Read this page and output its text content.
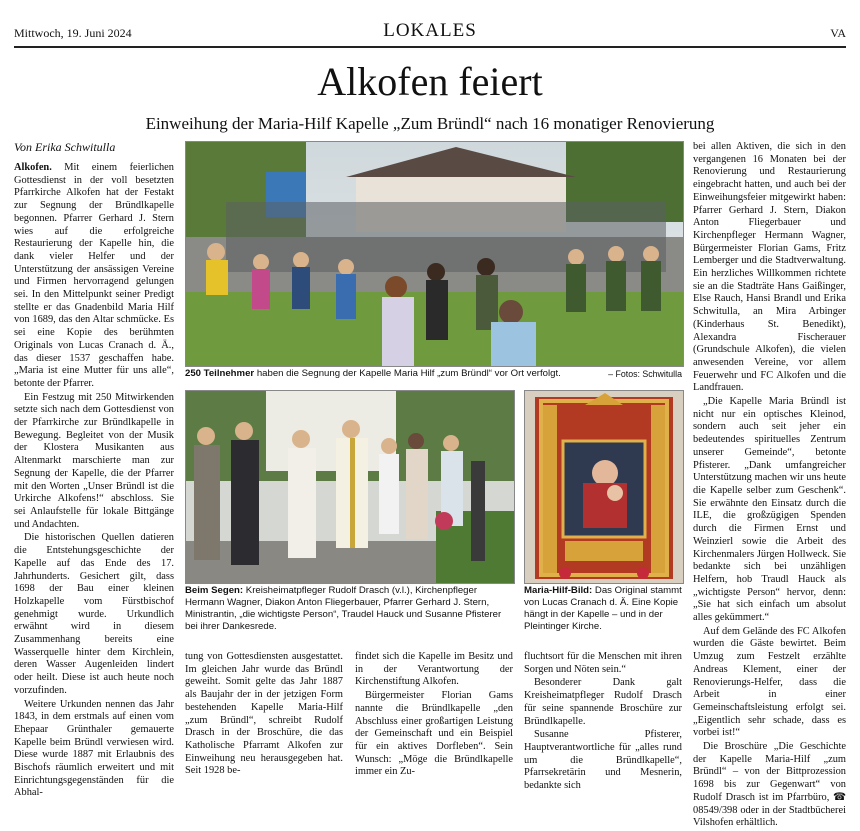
Mittwoch, 19. Juni 2024	LOKALES	VA
Alkofen feiert
Einweihung der Maria-Hilf Kapelle „Zum Bründl“ nach 16 monatiger Renovierung
Von Erika Schwitulla

Alkofen. Mit einem feierlichen Gottesdienst in der voll besetzten Pfarrkirche Alkofen hat der Festakt zur Segnung der Bründlkapelle begonnen. Pfarrer Gerhard J. Stern wies auf die erfolgreiche Restaurierung der Kapelle hin, die dank vieler Helfer und der Unterstützung der ansässigen Vereine und Firmen hervorragend gelungen sei. In den Mittelpunkt seiner Predigt stellte er das Gnadenbild Maria Hilf von 1689, das den Altar schmücke. Es sei eine Kopie des berühmten Originals von Lucas Cranach d. Ä., das dieser 1537 geschaffen habe. „Maria ist eine Mutter für uns alle“, betonte der Pfarrer.

Ein Festzug mit 250 Mitwirkenden setzte sich nach dem Gottesdienst von der Pfarrkirche zur Bründlkapelle in Bewegung. Begleitet von der Musik der Klostera Musikanten aus Altenmarkt marschierte man zur Segnung der Kapelle, die der Pfarrer mit den Worten „Unser Bründl ist die Urkirche Alkofens!“ abschloss. Sie sei Anlaufstelle für lokale Bittgänge und Andachten.

Die historischen Quellen datieren die Entstehungsgeschichte der Kapelle auf das Ende des 17. Jahrhunderts. Gesichert gilt, dass 1698 der Bau einer kleinen Holzkapelle vom Fürstbischof genehmigt wurde. Urkundlich erwähnt wird in diesem Zusammenhang bereits eine Wasserquelle hinter dem Kirchlein, deren Wasser Augenleiden lindert oder heilt. Diese ist auch heute noch vorzufinden.

Weitere Urkunden nennen das Jahr 1843, in dem erstmals auf einen vom Ehepaar Grünthaler gemauerte Kapelle beim Bründl verwiesen wird. Diese wurde 1887 mit Erlaubnis des Bischofs räumlich erweitert und mit Einrichtungsgegenständen für die Abhal-

250 Teilnehmer haben die Segnung der Kapelle Maria Hilf „zum Bründl“ vor Ort verfolgt.	– Fotos: Schwitulla
Beim Segen: Kreisheimatpfleger Rudolf Drasch (v.l.), Kirchenpfleger Hermann Wagner, Diakon Anton Fliegerbauer, Pfarrer Gerhard J. Stern, Ministrantin, „die wichtigste Person“, Traudel Hauck und Susanne Pfisterer bei ihrer Dankesrede.
Maria-Hilf-Bild: Das Original stammt von Lucas Cranach d. Ä. Eine Kopie hängt in der Kapelle – und in der Pleintinger Kirche.

tung von Gottesdiensten ausgestattet. Im gleichen Jahr wurde das Bründl geweiht. Somit gelte das Jahr 1887 als Baujahr der in der jetzigen Form bestehenden Kapelle Maria-Hilf „zum Bründl“, schreibt Rudolf Drasch in der Broschüre, die das Katholische Pfarramt Alkofen zur Einweihung neu herausgegeben hat. Seit 1928 be-

findet sich die Kapelle im Besitz und in der Verantwortung der Kirchenstiftung Alkofen.

Bürgermeister Florian Gams nannte die Bründlkapelle „den Abschluss einer großartigen Leistung der Gemeinschaft und ein Beispiel für ein aktives Dorfleben“. Sein Wunsch: „Möge die Bründlkapelle immer ein Zu-

fluchtsort für die Menschen mit ihren Sorgen und Nöten sein.“

Besonderer Dank galt Kreisheimatpfleger Rudolf Drasch für seine spannende Broschüre zur Bründlkapelle.

Susanne Pfisterer, Hauptverantwortliche für „alles rund um die Bründlkapelle“, Pfarrsekretärin und Mesnerin, bedankte sich

bei allen Aktiven, die sich in den vergangenen 16 Monaten bei der Renovierung und Restaurierung eingebracht hatten, und auch bei der Einweihungsfeier mitgewirkt haben: Pfarrer Gerhard J. Stern, Diakon Anton Fliegerbauer und Kirchenpfleger Hermann Wagner, Bürgermeister Florian Gams, Fritz Lemberger und die Stadtverwaltung. Ein herzliches Willkommen richtete sie an die Stadträte Hans Gaißinger, Else Rauch, Hansi Brandl und Erika Schwitulla, an Mira Arbinger (Kinderhaus St. Benedikt), Alexandra Fischerauer (Grundschule Alkofen), die vielen anwesenden Vereine, vor allem Feuerwehr und FC Alkofen und die Landfrauen.

„Die Kapelle Maria Bründl ist nicht nur ein optisches Kleinod, sondern auch seit jeher ein bedeutendes spirituelles Zentrum unserer Gemeinde“, betonte Pfisterer. „Dank umfangreicher Unterstützung machen wir uns heute die Kapelle selber zum Geschenk“. Sie erwähnte den Einsatz durch die ILE, die großzügigen Spenden durch die Firmen Ernst und Weinzierl sowie die Arbeit des Kirchenmalers Jürgen Hollweck. Sie bedankte sich bei unzähligen Helfern, hob Traudl Hauck als „wichtigste Person“ hervor, denn: „Sie hat sich einfach um absolut alles gekümmert.“

Auf dem Gelände des FC Alkofen wurden die Gäste bewirtet. Beim Umzug zum Festzelt erzählte Andreas Klement, einer der Renovierungs-Helfer, dass die Arbeit in einer Gemeinschaftsleistung erfolgt sei. „Eigentlich sehr schade, dass es vorbei ist!“

Die Broschüre „Die Geschichte der Kapelle Maria-Hilf „zum Bründl“ – von der Bittprozession 1698 bis zur Gegenwart“ von Rudolf Drasch ist im Pfarrbüro, ☎ 08549/398 oder in der Stadtbücherei Vilshofen erhältlich.
